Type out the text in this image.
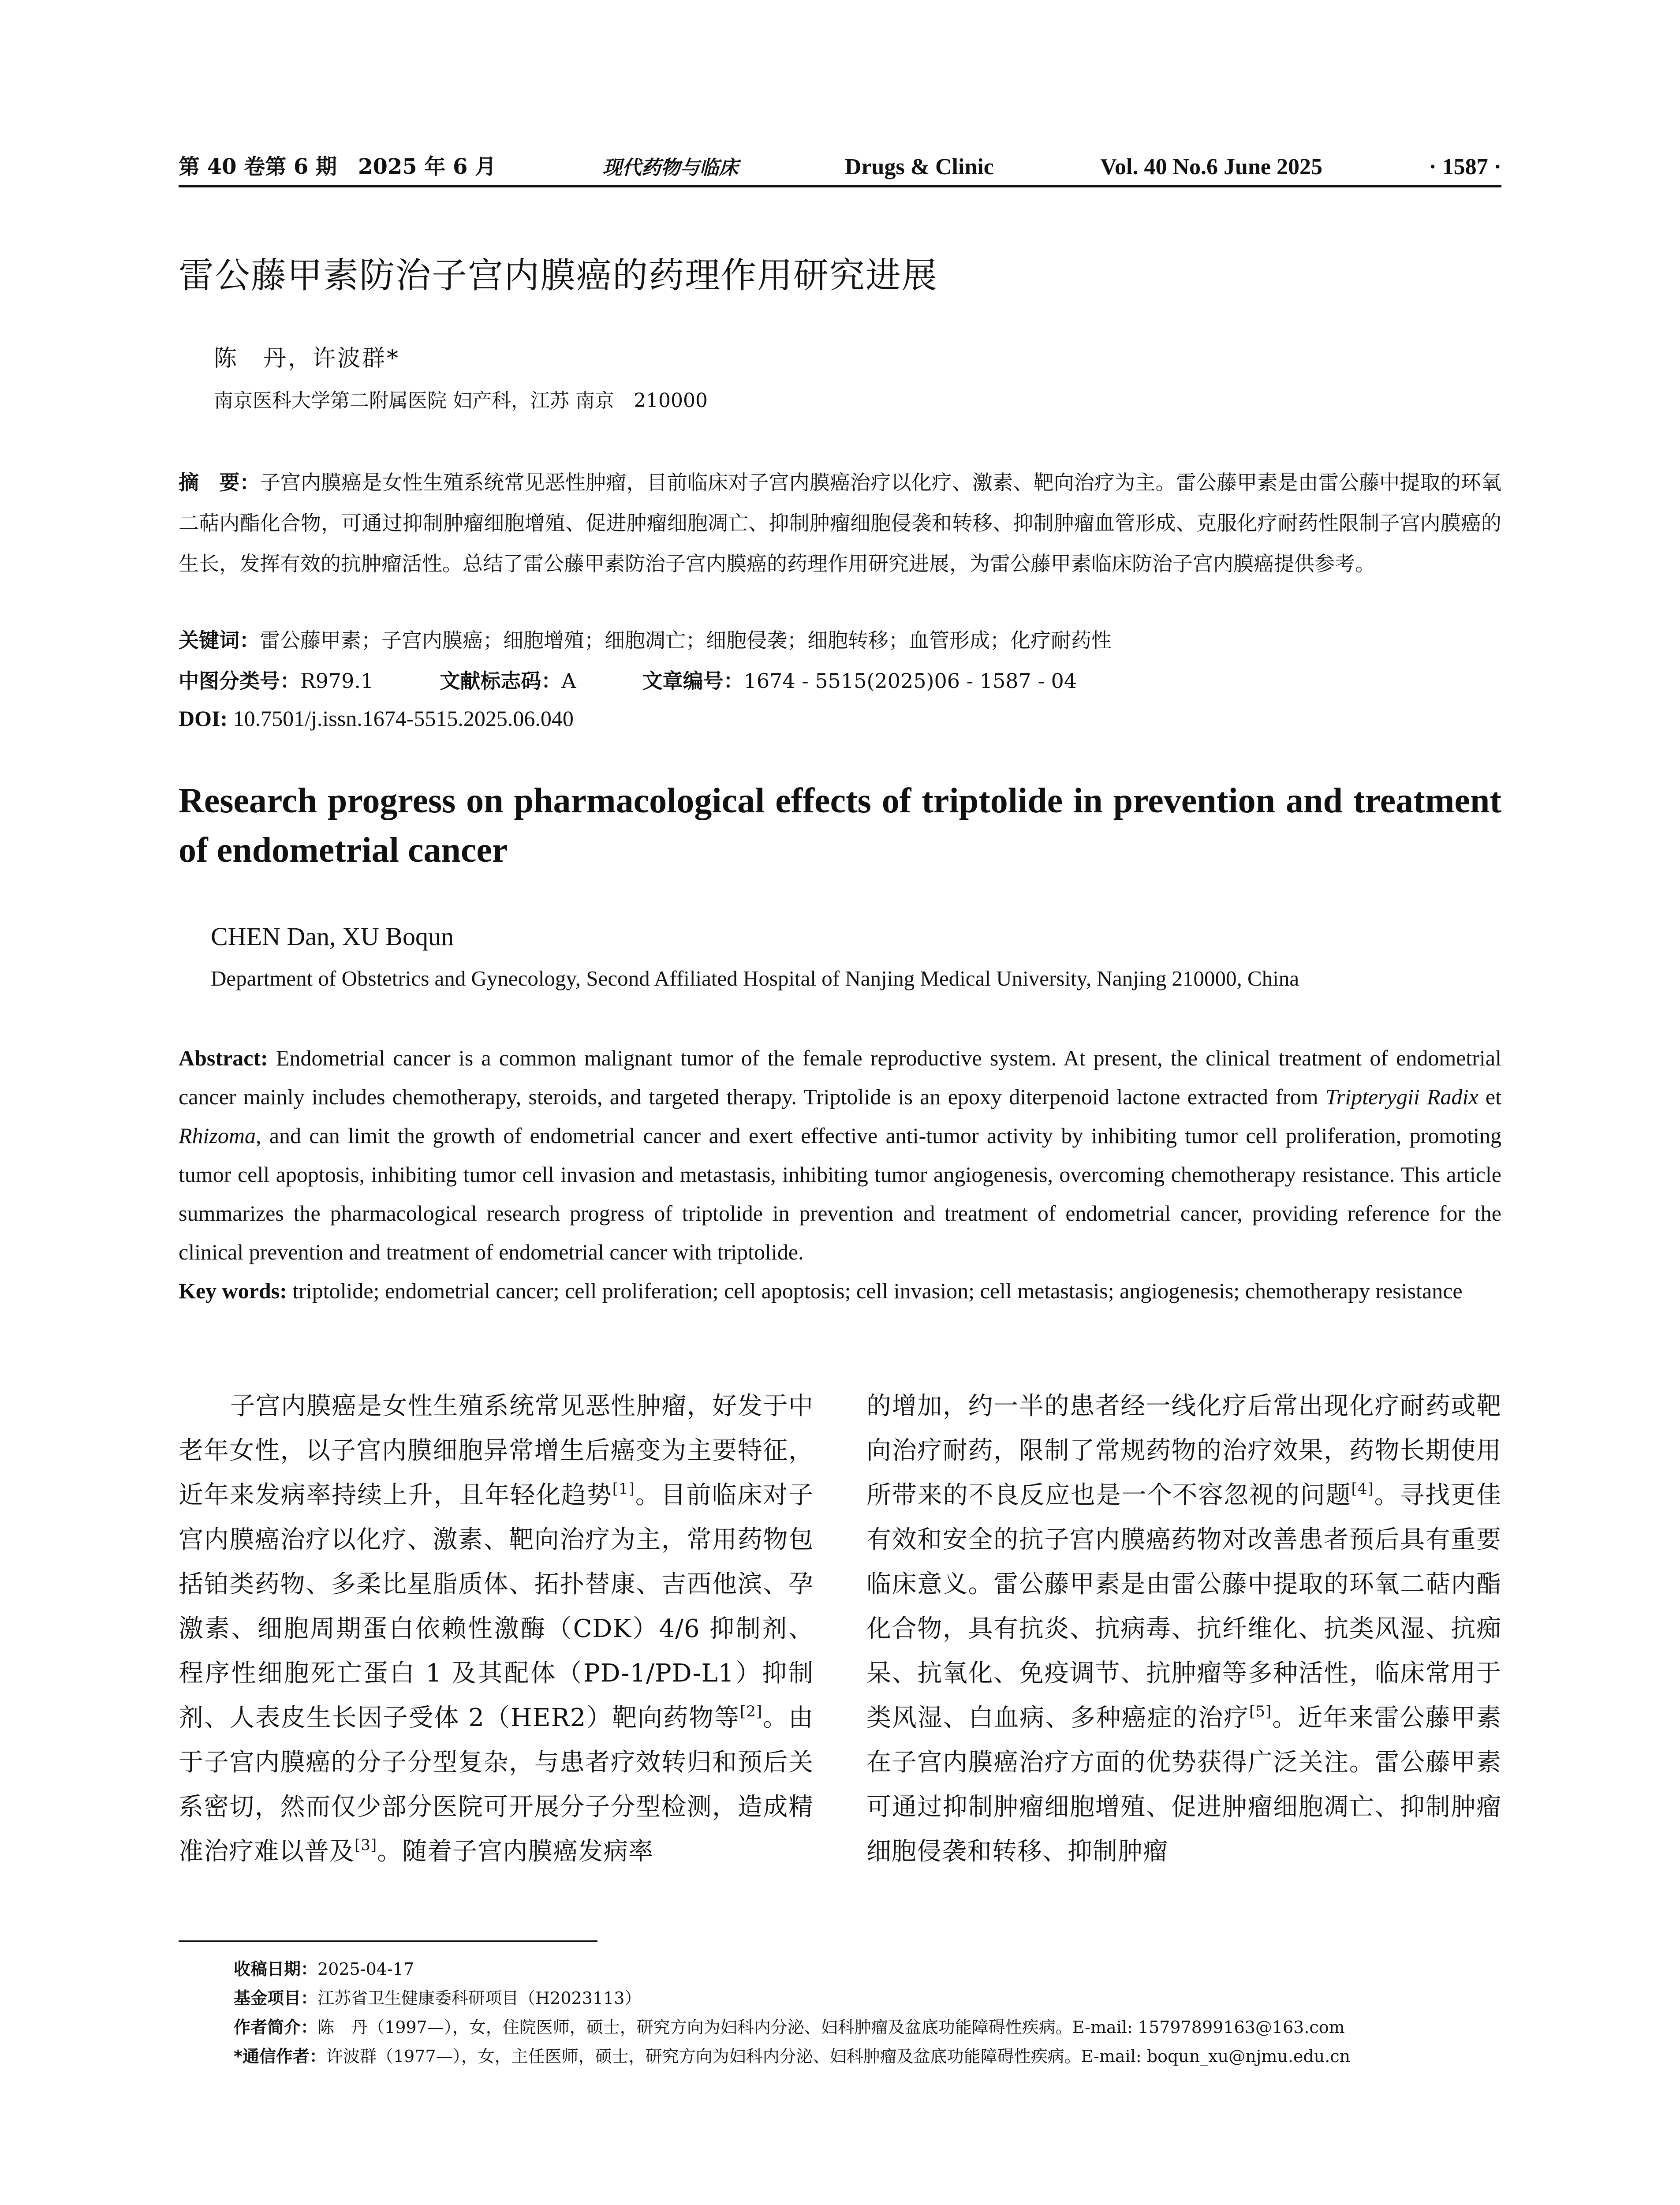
第 40 卷第 6 期　2025 年 6 月	现代药物与临床	Drugs & Clinic	Vol. 40 No.6 June 2025	· 1587 ·
雷公藤甲素防治子宫内膜癌的药理作用研究进展
陈　丹，许波群*
南京医科大学第二附属医院 妇产科，江苏 南京　210000

摘　要：子宫内膜癌是女性生殖系统常见恶性肿瘤，目前临床对子宫内膜癌治疗以化疗、激素、靶向治疗为主。雷公藤甲素是由雷公藤中提取的环氧二萜内酯化合物，可通过抑制肿瘤细胞增殖、促进肿瘤细胞凋亡、抑制肿瘤细胞侵袭和转移、抑制肿瘤血管形成、克服化疗耐药性限制子宫内膜癌的生长，发挥有效的抗肿瘤活性。总结了雷公藤甲素防治子宫内膜癌的药理作用研究进展，为雷公藤甲素临床防治子宫内膜癌提供参考。

关键词：雷公藤甲素；子宫内膜癌；细胞增殖；细胞凋亡；细胞侵袭；细胞转移；血管形成；化疗耐药性
中图分类号：R979.1	文献标志码：A	文章编号：1674 - 5515(2025)06 - 1587 - 04
DOI: 10.7501/j.issn.1674-5515.2025.06.040
Research progress on pharmacological effects of triptolide in prevention and treatment of endometrial cancer
CHEN Dan, XU Boqun
Department of Obstetrics and Gynecology, Second Affiliated Hospital of Nanjing Medical University, Nanjing 210000, China

Abstract: Endometrial cancer is a common malignant tumor of the female reproductive system. At present, the clinical treatment of endometrial cancer mainly includes chemotherapy, steroids, and targeted therapy. Triptolide is an epoxy diterpenoid lactone extracted from Tripterygii Radix et Rhizoma, and can limit the growth of endometrial cancer and exert effective anti-tumor activity by inhibiting tumor cell proliferation, promoting tumor cell apoptosis, inhibiting tumor cell invasion and metastasis, inhibiting tumor angiogenesis, overcoming chemotherapy resistance. This article summarizes the pharmacological research progress of triptolide in prevention and treatment of endometrial cancer, providing reference for the clinical prevention and treatment of endometrial cancer with triptolide.

Key words: triptolide; endometrial cancer; cell proliferation; cell apoptosis; cell invasion; cell metastasis; angiogenesis; chemotherapy resistance

子宫内膜癌是女性生殖系统常见恶性肿瘤，好发于中老年女性，以子宫内膜细胞异常增生后癌变为主要特征，近年来发病率持续上升，且年轻化趋势[1]。目前临床对子宫内膜癌治疗以化疗、激素、靶向治疗为主，常用药物包括铂类药物、多柔比星脂质体、拓扑替康、吉西他滨、孕激素、细胞周期蛋白依赖性激酶（CDK）4/6 抑制剂、程序性细胞死亡蛋白 1 及其配体（PD-1/PD-L1）抑制剂、人表皮生长因子受体 2（HER2）靶向药物等[2]。由于子宫内膜癌的分子分型复杂，与患者疗效转归和预后关系密切，然而仅少部分医院可开展分子分型检测，造成精准治疗难以普及[3]。随着子宫内膜癌发病率

的增加，约一半的患者经一线化疗后常出现化疗耐药或靶向治疗耐药，限制了常规药物的治疗效果，药物长期使用所带来的不良反应也是一个不容忽视的问题[4]。寻找更佳有效和安全的抗子宫内膜癌药物对改善患者预后具有重要临床意义。雷公藤甲素是由雷公藤中提取的环氧二萜内酯化合物，具有抗炎、抗病毒、抗纤维化、抗类风湿、抗痴呆、抗氧化、免疫调节、抗肿瘤等多种活性，临床常用于类风湿、白血病、多种癌症的治疗[5]。近年来雷公藤甲素在子宫内膜癌治疗方面的优势获得广泛关注。雷公藤甲素可通过抑制肿瘤细胞增殖、促进肿瘤细胞凋亡、抑制肿瘤细胞侵袭和转移、抑制肿瘤

收稿日期：2025-04-17
基金项目：江苏省卫生健康委科研项目（H2023113）
作者简介：陈　丹（1997—），女，住院医师，硕士，研究方向为妇科内分泌、妇科肿瘤及盆底功能障碍性疾病。E-mail: 15797899163@163.com
*通信作者：许波群（1977—），女，主任医师，硕士，研究方向为妇科内分泌、妇科肿瘤及盆底功能障碍性疾病。E-mail: boqun_xu@njmu.edu.cn
